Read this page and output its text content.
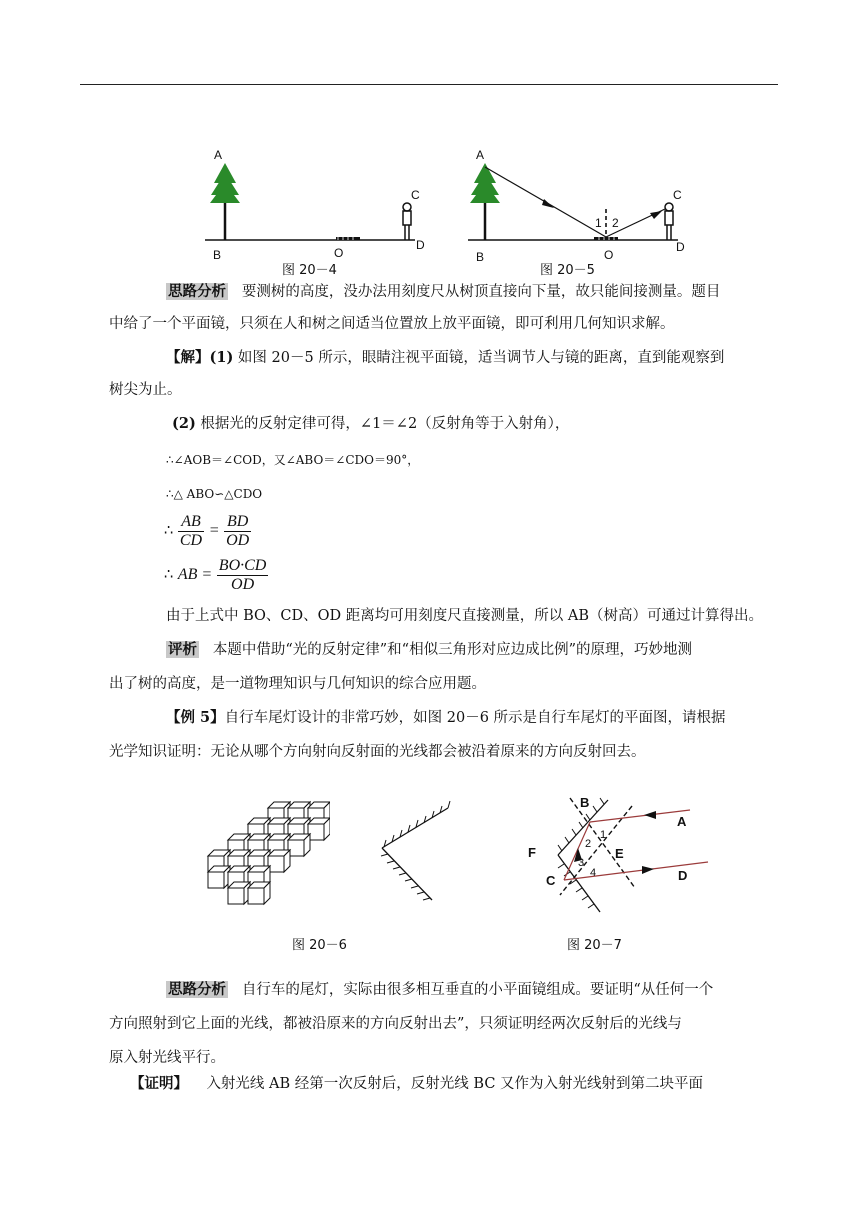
A
B	O
C
D
图 20－4
A
B	O
C
D
1 2
图 20－5
思路分析 要测树的高度，没办法用刻度尺从树顶直接向下量，故只能间接测量。题目
中给了一个平面镜，只须在人和树之间适当位置放上放平面镜，即可利用几何知识求解。
【解】(1) 如图 20－5 所示，眼睛注视平面镜，适当调节人与镜的距离，直到能观察到
树尖为止。
(2) 根据光的反射定律可得，∠1＝∠2（反射角等于入射角），
∴∠AOB＝∠COD，又∠ABO＝∠CDO＝90°，
∴△ ABO∽△CDO
∴ $\frac{AB}{CD} = \frac{BD}{OD}$
∴ AB = $\frac{BO\cdot CD}{OD}$
由于上式中 BO、CD、OD 距离均可用刻度尺直接测量，所以 AB（树高）可通过计算得出。
评析 本题中借助“光的反射定律”和“相似三角形对应边成比例”的原理，巧妙地测
出了树的高度，是一道物理知识与几何知识的综合应用题。
【例 5】自行车尾灯设计的非常巧妙，如图 20－6 所示是自行车尾灯的平面图，请根据
光学知识证明：无论从哪个方向射向反射面的光线都会被沿着原来的方向反射回去。
图 20－6
A
B
C	D
E
F
1
2
3
4
图 20－7
思路分析 自行车的尾灯，实际由很多相互垂直的小平面镜组成。要证明“从任何一个
方向照射到它上面的光线，都被沿原来的方向反射出去”，只须证明经两次反射后的光线与
原入射光线平行。
【证明】 入射光线 AB 经第一次反射后，反射光线 BC 又作为入射光线射到第二块平面
